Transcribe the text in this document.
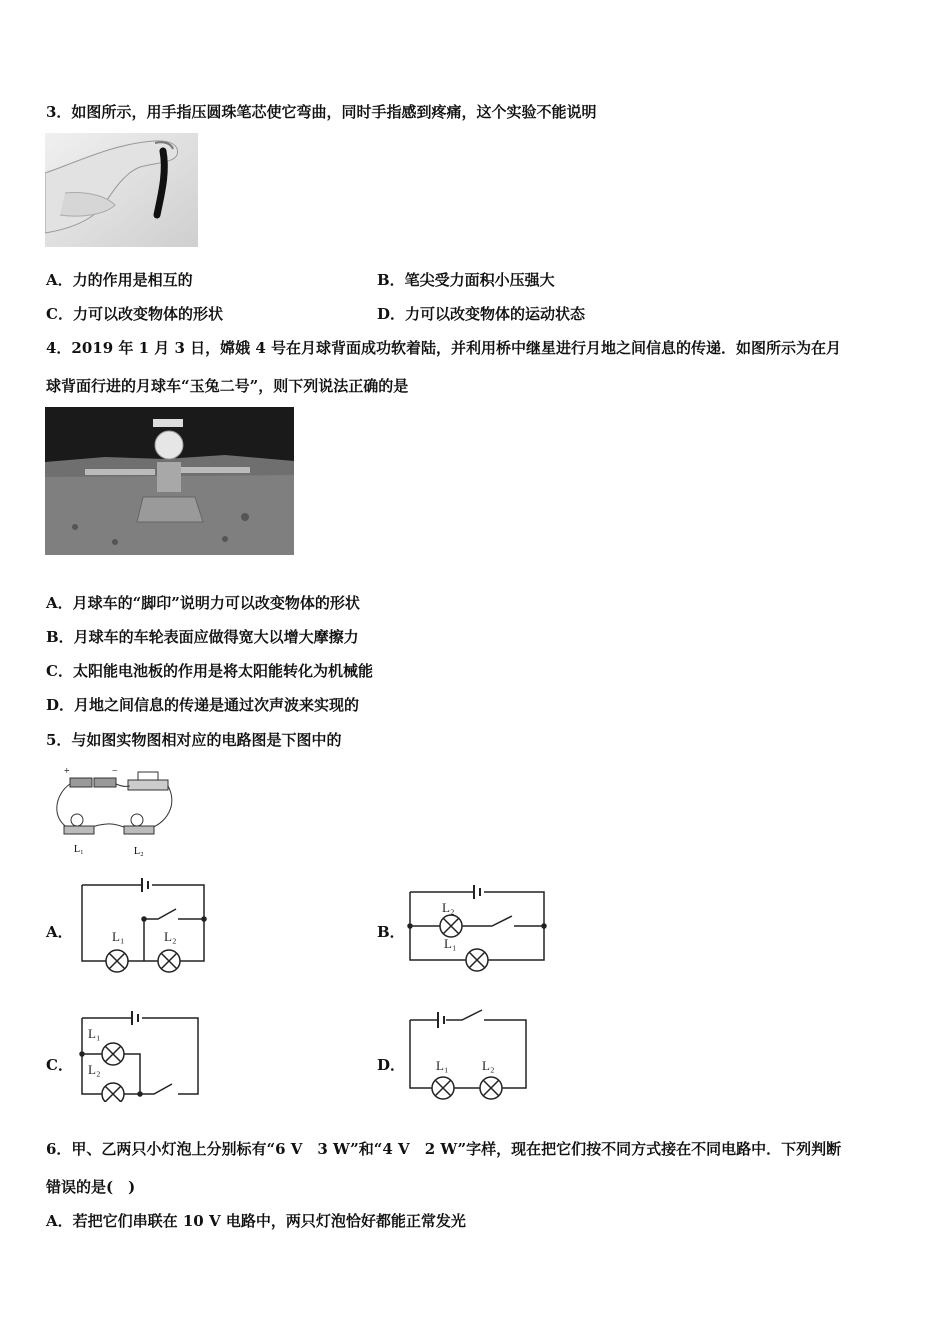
3．如图所示，用手指压圆珠笔芯使它弯曲，同时手指感到疼痛，这个实验不能说明
A．力的作用是相互的	B．笔尖受力面积小压强大
C．力可以改变物体的形状	D．力可以改变物体的运动状态
4．2019 年 1 月 3 日，嫦娥 4 号在月球背面成功软着陆，并利用桥中继星进行月地之间信息的传递．如图所示为在月
球背面行进的月球车“玉兔二号”，则下列说法正确的是
A．月球车的“脚印”说明力可以改变物体的形状
B．月球车的车轮表面应做得宽大以增大摩擦力
C．太阳能电池板的作用是将太阳能转化为机械能
D．月地之间信息的传递是通过次声波来实现的
5．与如图实物图相对应的电路图是下图中的
+	−
L₁	L₂
A．	L₁	L₂	B．
L₂
L₁
C．
L₁
L₂	D． L₁	L₂
6．甲、乙两只小灯泡上分别标有“6 V　3 W”和“4 V　2 W”字样，现在把它们按不同方式接在不同电路中．下列判断
错误的是(　)
A．若把它们串联在 10 V 电路中，两只灯泡恰好都能正常发光
